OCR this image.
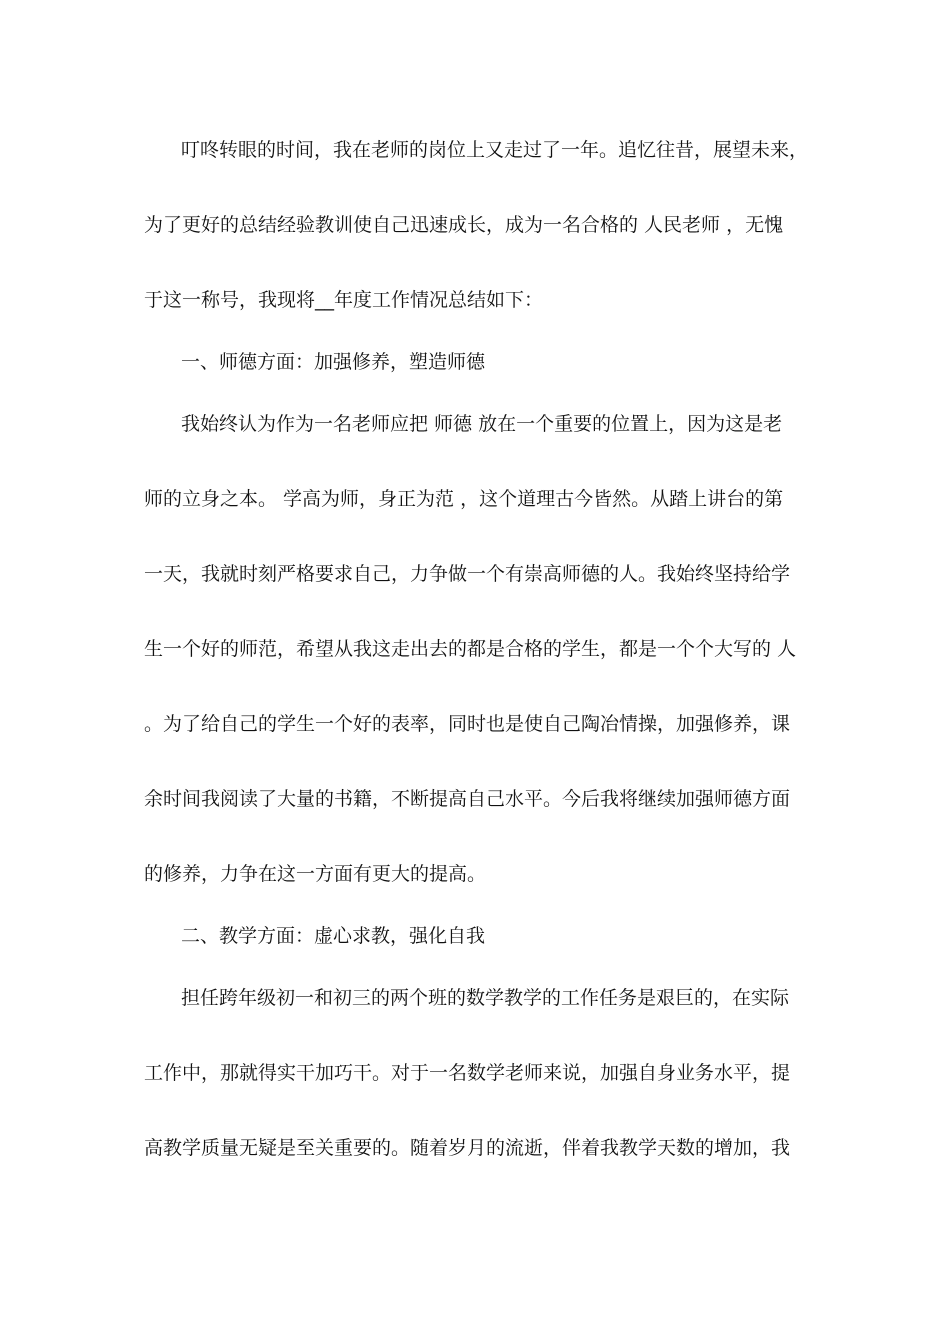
叮咚转眼的时间，我在老师的岗位上又走过了一年。追忆往昔，展望未来，
为了更好的总结经验教训使自己迅速成长，成为一名合格的 人民老师 ，无愧
于这一称号，我现将__年度工作情况总结如下：
一、师德方面：加强修养，塑造师德
我始终认为作为一名老师应把 师德 放在一个重要的位置上，因为这是老
师的立身之本。 学高为师，身正为范 ，这个道理古今皆然。从踏上讲台的第
一天，我就时刻严格要求自己，力争做一个有崇高师德的人。我始终坚持给学
生一个好的师范，希望从我这走出去的都是合格的学生，都是一个个大写的 人
。为了给自己的学生一个好的表率，同时也是使自己陶冶情操，加强修养，课
余时间我阅读了大量的书籍，不断提高自己水平。今后我将继续加强师德方面
的修养，力争在这一方面有更大的提高。
二、教学方面：虚心求教，强化自我
担任跨年级初一和初三的两个班的数学教学的工作任务是艰巨的，在实际
工作中，那就得实干加巧干。对于一名数学老师来说，加强自身业务水平，提
高教学质量无疑是至关重要的。随着岁月的流逝，伴着我教学天数的增加，我
